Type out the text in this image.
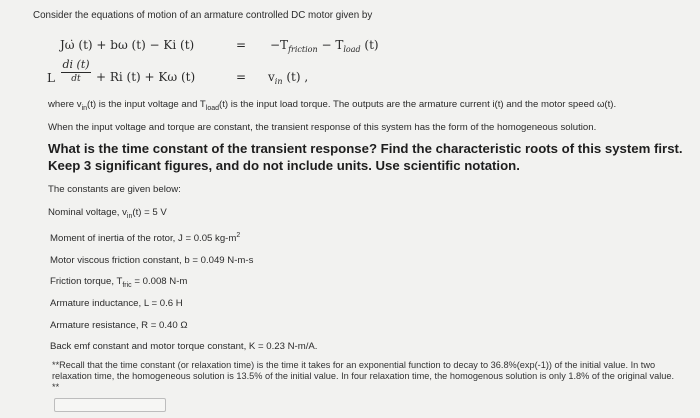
Consider the equations of motion of an armature controlled DC motor given by
Jω̇ (t) + bω (t) − Ki (t)	= $-T_{friction} - T_{load}$ (t)
L
di (t)
dt	+ Ri (t) + Kω (t)	= $v_{in}$ (t) ,
where $v_{in}(t)$ is the input voltage and $T_{load}(t)$ is the input load torque. The outputs are the armature current i(t) and the motor speed ω(t).
When the input voltage and torque are constant, the transient response of this system has the form of the homogeneous solution.
What is the time constant of the transient response? Find the characteristic roots of this system first. Keep 3 significant figures, and do not include units. Use scientific notation.
The constants are given below:
Nominal voltage, $v_{in}(t) = 5$ V
Moment of inertia of the rotor, J = 0.05 $kg-m^2$
Motor viscous friction constant, b = 0.049 N-m-s
Friction torque, $T_{fric} = 0.008$ N-m
Armature inductance, L = 0.6 H
Armature resistance, R = 0.40 Ω
Back emf constant and motor torque constant, K = 0.23 N-m/A.
**Recall that the time constant (or relaxation time) is the time it takes for an exponential function to decay to 36.8%(exp(-1)) of the initial value. In two relaxation time, the homogeneous solution is 13.5% of the initial value. In four relaxation time, the homogenous solution is only 1.8% of the original value. **
